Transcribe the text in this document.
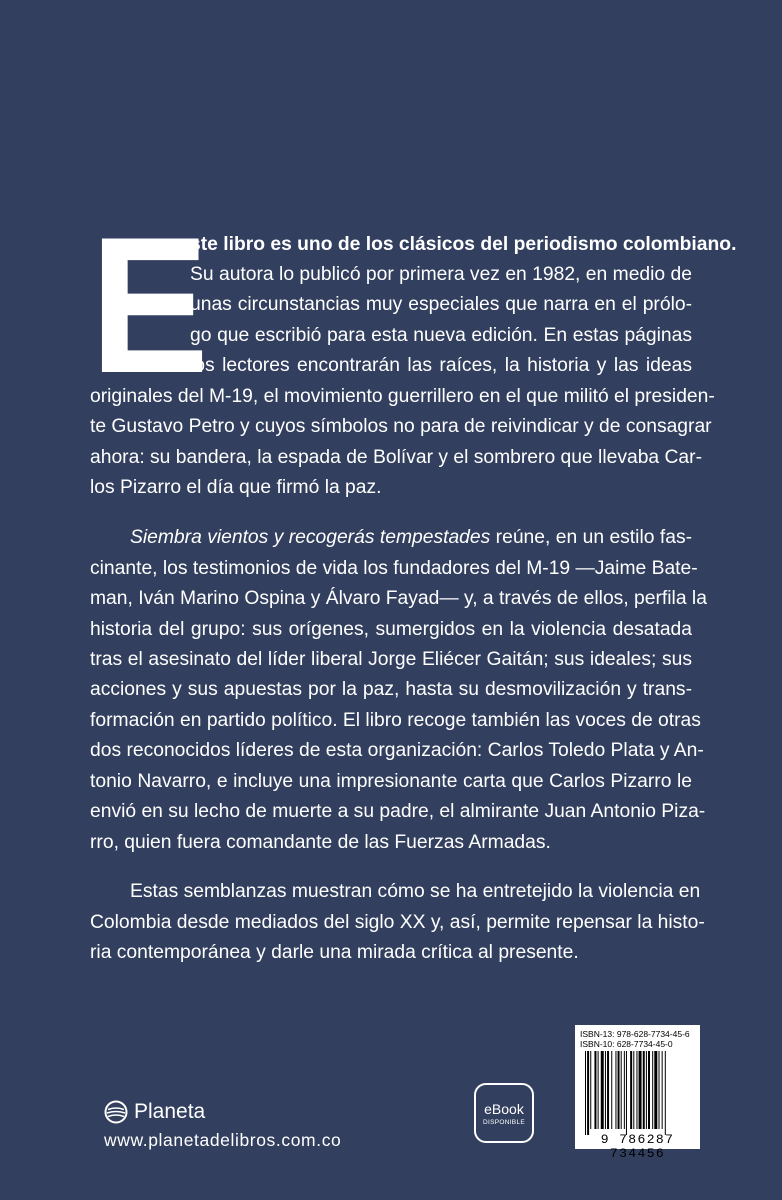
E
ste libro es uno de los clásicos del periodismo colombiano.
Su autora lo publicó por primera vez en 1982, en medio de
unas circunstancias muy especiales que narra en el prólo-
go que escribió para esta nueva edición. En estas páginas
los lectores encontrarán las raíces, la historia y las ideas
originales del M-19, el movimiento guerrillero en el que militó el presiden-
te Gustavo Petro y cuyos símbolos no para de reivindicar y de consagrar
ahora: su bandera, la espada de Bolívar y el sombrero que llevaba Car-
los Pizarro el día que firmó la paz.
Siembra vientos y recogerás tempestades reúne, en un estilo fas-
cinante, los testimonios de vida los fundadores del M-19 —Jaime Bate-
man, Iván Marino Ospina y Álvaro Fayad— y, a través de ellos, perfila la
historia del grupo: sus orígenes, sumergidos en la violencia desatada
tras el asesinato del líder liberal Jorge Eliécer Gaitán; sus ideales; sus
acciones y sus apuestas por la paz, hasta su desmovilización y trans-
formación en partido político. El libro recoge también las voces de otras
dos reconocidos líderes de esta organización: Carlos Toledo Plata y An-
tonio Navarro, e incluye una impresionante carta que Carlos Pizarro le
envió en su lecho de muerte a su padre, el almirante Juan Antonio Piza-
rro, quien fuera comandante de las Fuerzas Armadas.
Estas semblanzas muestran cómo se ha entretejido la violencia en
Colombia desde mediados del siglo XX y, así, permite repensar la histo-
ria contemporánea y darle una mirada crítica al presente.
Planeta
www.planetadelibros.com.co
eBook
DISPONIBLE
ISBN-13: 978-628-7734-45-6
ISBN-10: 628-7734-45-0
9 786287 734456
